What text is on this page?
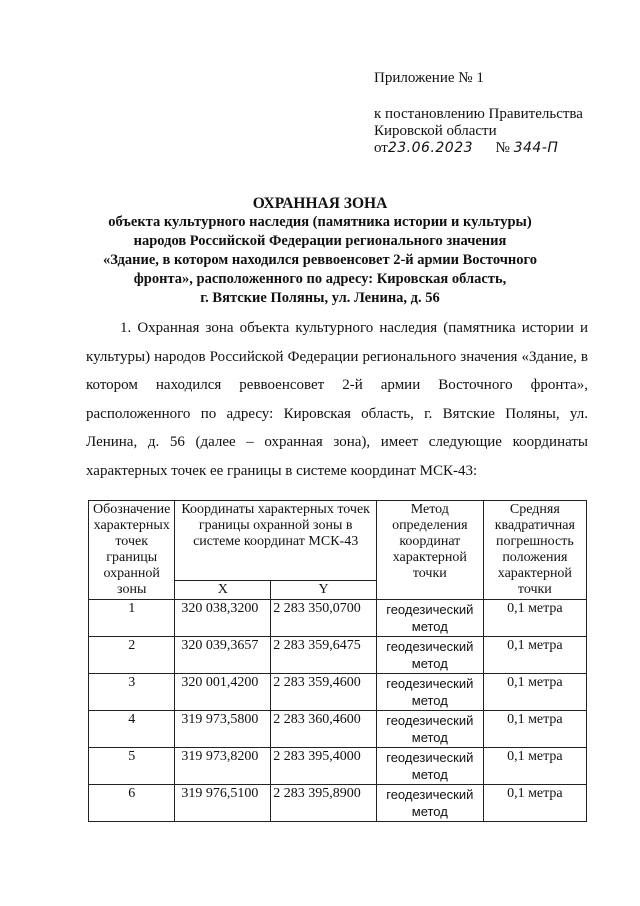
Приложение № 1
к постановлению Правительства
Кировской области
от23.06.2023 № 344-П
ОХРАННАЯ ЗОНА
объекта культурного наследия (памятника истории и культуры)
народов Российской Федерации регионального значения
«Здание, в котором находился реввоенсовет 2-й армии Восточного
фронта», расположенного по адресу: Кировская область,
г. Вятские Поляны, ул. Ленина, д. 56
1. Охранная зона объекта культурного наследия (памятника истории и культуры) народов Российской Федерации регионального значения «Здание, в котором находился реввоенсовет 2-й армии Восточного фронта», расположенного по адресу: Кировская область, г. Вятские Поляны, ул. Ленина, д. 56 (далее – охранная зона), имеет следующие координаты характерных точек ее границы в системе координат МСК-43:
Обозначение характерных точек границы охранной зоны	Координаты характерных точек границы охранной зоны в системе координат МСК-43		Метод определения координат характерной точки	Средняя квадратичная погрешность положения характерной точки
	X	Y		
1	320 038,3200	2 283 350,0700	геодезический метод	0,1 метра
2	320 039,3657	2 283 359,6475	геодезический метод	0,1 метра
3	320 001,4200	2 283 359,4600	геодезический метод	0,1 метра
4	319 973,5800	2 283 360,4600	геодезический метод	0,1 метра
5	319 973,8200	2 283 395,4000	геодезический метод	0,1 метра
6	319 976,5100	2 283 395,8900	геодезический метод	0,1 метра
